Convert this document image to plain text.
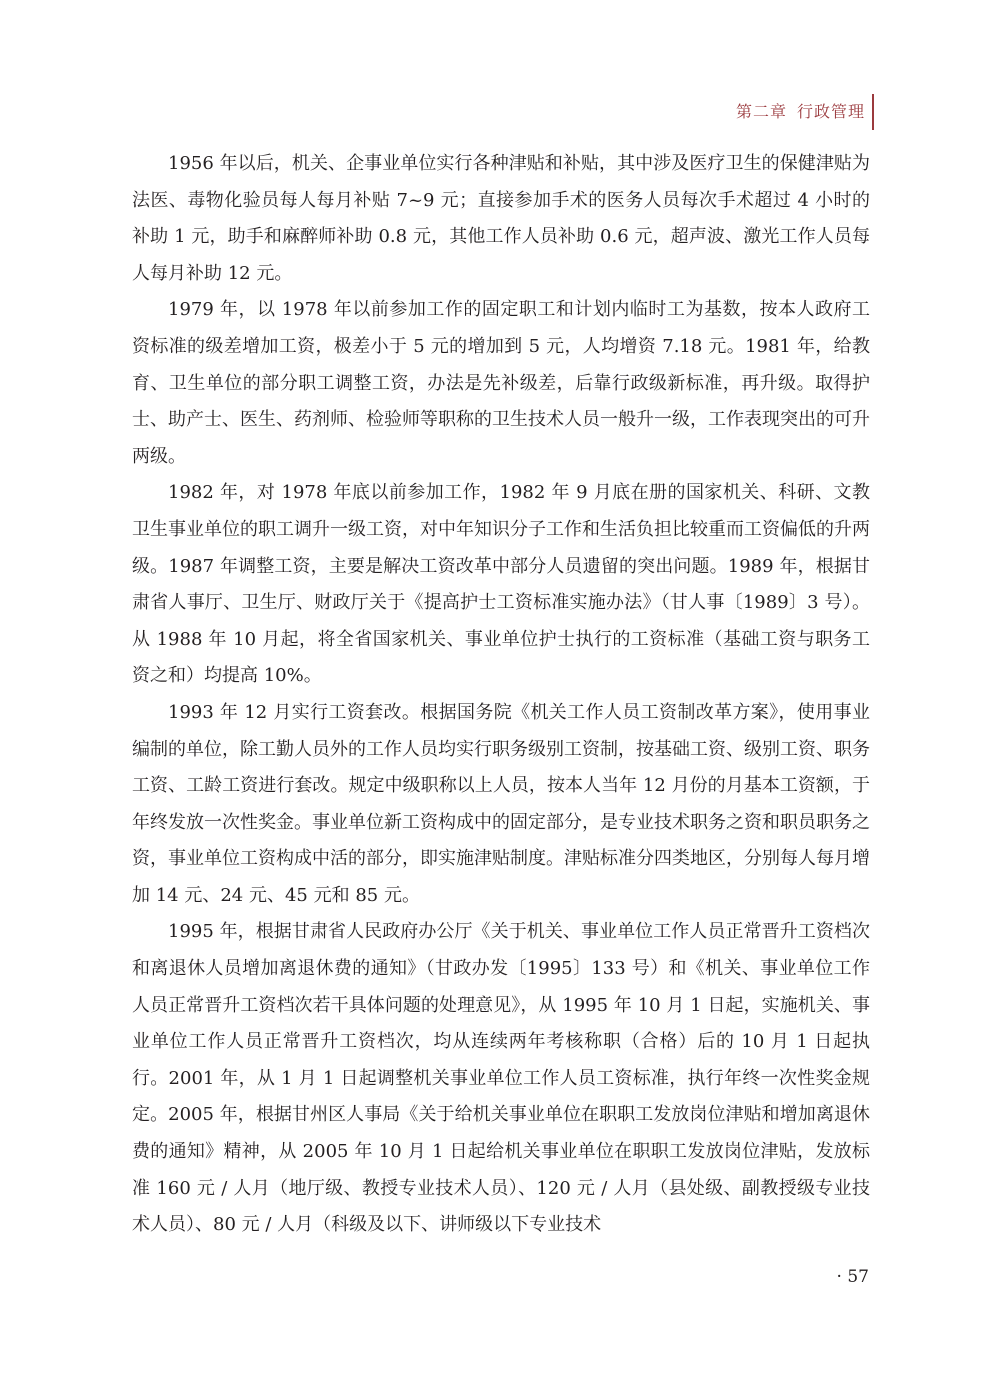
第二章 行政管理

1956 年以后，机关、企事业单位实行各种津贴和补贴，其中涉及医疗卫生的保健津贴为法医、毒物化验员每人每月补贴 7~9 元；直接参加手术的医务人员每次手术超过 4 小时的补助 1 元，助手和麻醉师补助 0.8 元，其他工作人员补助 0.6 元，超声波、激光工作人员每人每月补助 12 元。

1979 年，以 1978 年以前参加工作的固定职工和计划内临时工为基数，按本人政府工资标准的级差增加工资，极差小于 5 元的增加到 5 元，人均增资 7.18 元。1981 年，给教育、卫生单位的部分职工调整工资，办法是先补级差，后靠行政级新标准，再升级。取得护士、助产士、医生、药剂师、检验师等职称的卫生技术人员一般升一级，工作表现突出的可升两级。

1982 年，对 1978 年底以前参加工作，1982 年 9 月底在册的国家机关、科研、文教卫生事业单位的职工调升一级工资，对中年知识分子工作和生活负担比较重而工资偏低的升两级。1987 年调整工资，主要是解决工资改革中部分人员遗留的突出问题。1989 年，根据甘肃省人事厅、卫生厅、财政厅关于《提高护士工资标准实施办法》（甘人事〔1989〕3 号）。从 1988 年 10 月起，将全省国家机关、事业单位护士执行的工资标准（基础工资与职务工资之和）均提高 10%。

1993 年 12 月实行工资套改。根据国务院《机关工作人员工资制改革方案》，使用事业编制的单位，除工勤人员外的工作人员均实行职务级别工资制，按基础工资、级别工资、职务工资、工龄工资进行套改。规定中级职称以上人员，按本人当年 12 月份的月基本工资额，于年终发放一次性奖金。事业单位新工资构成中的固定部分，是专业技术职务之资和职员职务之资，事业单位工资构成中活的部分，即实施津贴制度。津贴标准分四类地区，分别每人每月增加 14 元、24 元、45 元和 85 元。

1995 年，根据甘肃省人民政府办公厅《关于机关、事业单位工作人员正常晋升工资档次和离退休人员增加离退休费的通知》（甘政办发〔1995〕133 号）和《机关、事业单位工作人员正常晋升工资档次若干具体问题的处理意见》，从 1995 年 10 月 1 日起，实施机关、事业单位工作人员正常晋升工资档次，均从连续两年考核称职（合格）后的 10 月 1 日起执行。2001 年，从 1 月 1 日起调整机关事业单位工作人员工资标准，执行年终一次性奖金规定。2005 年，根据甘州区人事局《关于给机关事业单位在职职工发放岗位津贴和增加离退休费的通知》精神，从 2005 年 10 月 1 日起给机关事业单位在职职工发放岗位津贴，发放标准 160 元 / 人月（地厅级、教授专业技术人员）、120 元 / 人月（县处级、副教授级专业技术人员）、80 元 / 人月（科级及以下、讲师级以下专业技术

· 57
